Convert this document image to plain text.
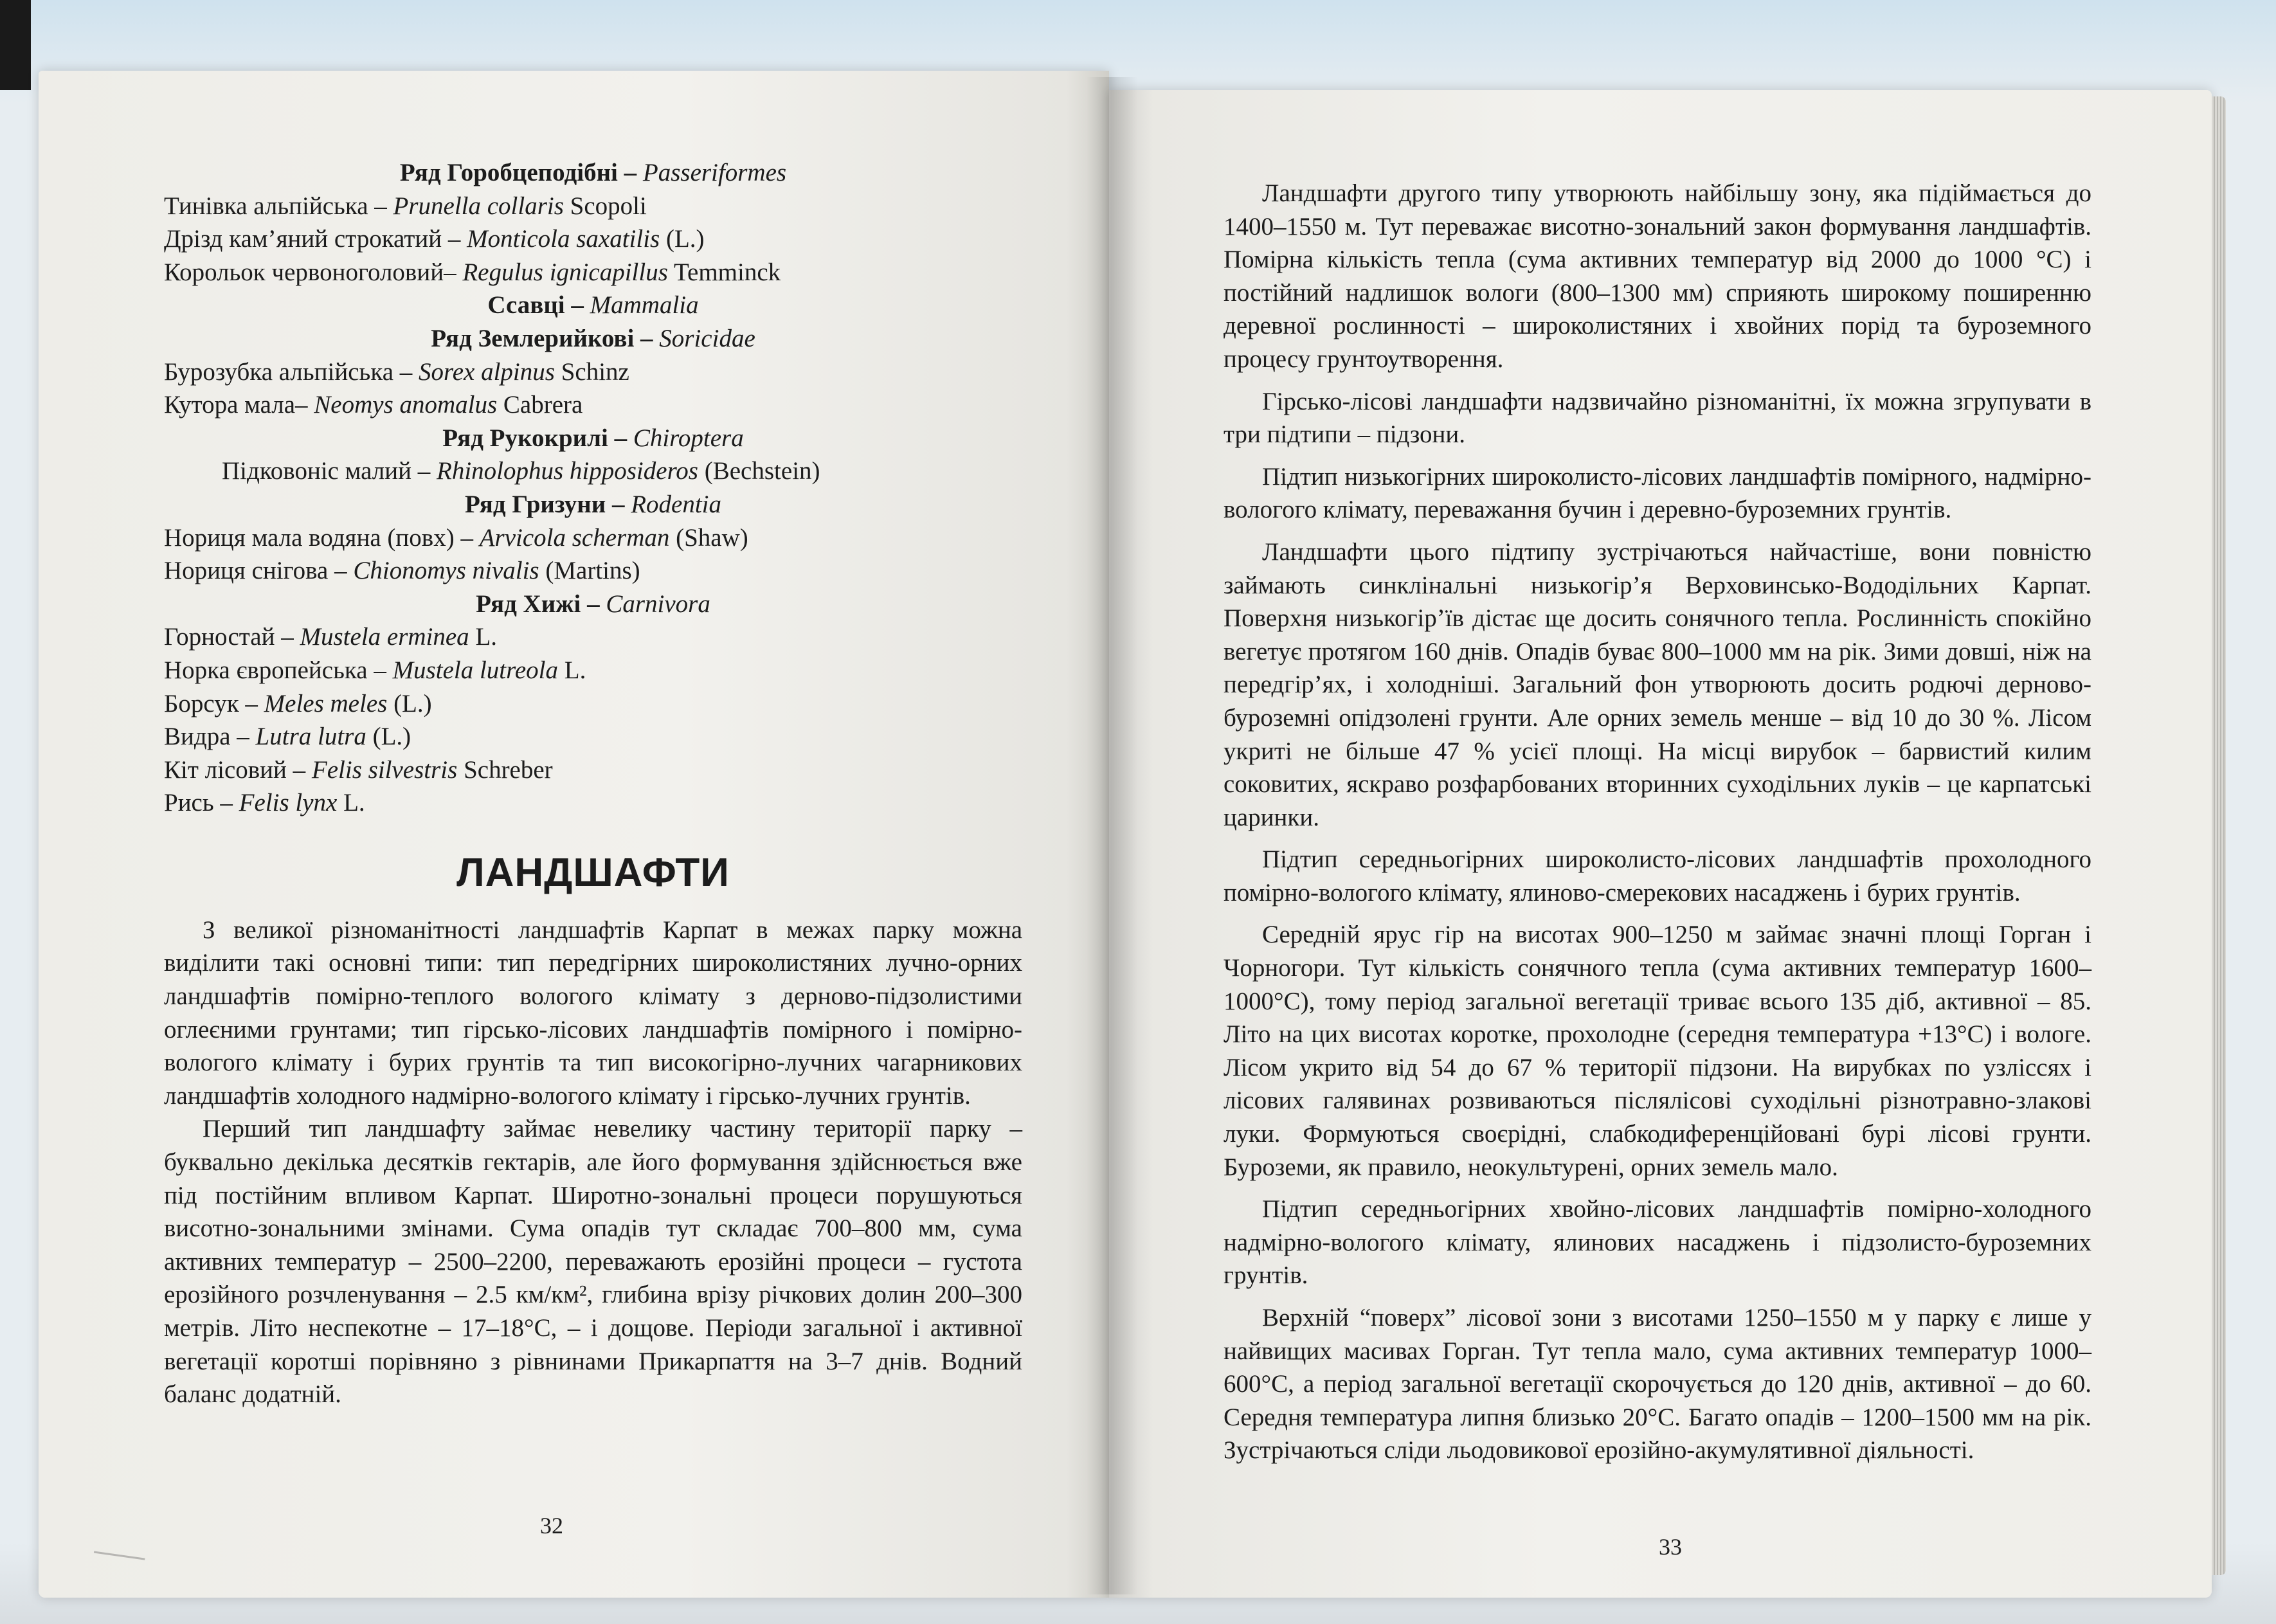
Ряд Горобцеподібні – Passeriformes
Тинівка альпійська – Prunella collaris Scopoli
Дрізд кам’яний строкатий – Monticola saxatilis (L.)
Корольок червоноголовий– Regulus ignicapillus Temminck
Ссавці – Mammalia
Ряд Землерийкові – Soricidae
Бурозубка альпійська – Sorex alpinus Schinz
Кутора мала– Neomys anomalus Cabrera
Ряд Рукокрилі – Chiroptera
Підковоніс малий – Rhinolophus hipposideros (Bechstein)
Ряд Гризуни – Rodentia
Нориця мала водяна (повх) – Arvicola scherman (Shaw)
Нориця снігова – Chionomys nivalis (Martins)
Ряд Хижі – Carnivora
Горностай – Mustela erminea L.
Норка європейська – Mustela lutreola L.
Борсук – Meles meles (L.)
Видра – Lutra lutra (L.)
Кіт лісовий – Felis silvestris Schreber
Рись – Felis lynx L.
ЛАНДШАФТИ

З великої різноманітності ландшафтів Карпат в межах парку можна виділити такі основні типи: тип передгірних широколистяних лучно-орних ландшафтів помірно-теплого вологого клімату з дерново-підзолистими оглеєними грунтами; тип гірсько-лісових ландшафтів помірного і помірно-вологого клімату і бурих грунтів та тип високогірно-лучних чагарникових ландшафтів холодного надмірно-вологого клімату і гірсько-лучних грунтів.

Перший тип ландшафту займає невелику частину території парку – буквально декілька десятків гектарів, але його формування здійснюється вже під постійним впливом Карпат. Широтно-зональні процеси порушуються висотно-зональними змінами. Сума опадів тут складає 700–800 мм, сума активних температур – 2500–2200, переважають ерозійні процеси – густота ерозійного розчленування – 2.5 км/км², глибина врізу річкових долин 200–300 метрів. Літо неспекотне – 17–18°С, – і дощове. Періоди загальної і активної вегетації коротші порівняно з рівнинами Прикарпаття на 3–7 днів. Водний баланс додатній.

32

Ландшафти другого типу утворюють найбільшу зону, яка підіймається до 1400–1550 м. Тут переважає висотно-зональний закон формування ландшафтів. Помірна кількість тепла (сума активних температур від 2000 до 1000 °С) і постійний надлишок вологи (800–1300 мм) сприяють широкому поширенню деревної рослинності – широколистяних і хвойних порід та буроземного процесу грунтоутворення.

Гірсько-лісові ландшафти надзвичайно різноманітні, їх можна згрупувати в три підтипи – підзони.

Підтип низькогірних широколисто-лісових ландшафтів помірного, надмірно-вологого клімату, переважання бучин і деревно-буроземних грунтів.

Ландшафти цього підтипу зустрічаються найчастіше, вони повністю займають синклінальні низькогір’я Верховинсько-Вододільних Карпат. Поверхня низькогір’їв дістає ще досить сонячного тепла. Рослинність спокійно вегетує протягом 160 днів. Опадів буває 800–1000 мм на рік. Зими довші, ніж на передгір’ях, і холодніші. Загальний фон утворюють досить родючі дерново-буроземні опідзолені грунти. Але орних земель менше – від 10 до 30 %. Лісом укриті не більше 47 % усієї площі. На місці вирубок – барвистий килим соковитих, яскраво розфарбованих вторинних суходільних луків – це карпатські царинки.

Підтип середньогірних широколисто-лісових ландшафтів прохолодного помірно-вологого клімату, ялиново-смерекових насаджень і бурих грунтів.

Середній ярус гір на висотах 900–1250 м займає значні площі Горган і Чорногори. Тут кількість сонячного тепла (сума активних температур 1600–1000°С), тому період загальної вегетації триває всього 135 діб, активної – 85. Літо на цих висотах коротке, прохолодне (середня температура +13°С) і вологе. Лісом укрито від 54 до 67 % території підзони. На вирубках по узліссях і лісових галявинах розвиваються післялісові суходільні різнотравно-злакові луки. Формуються своєрідні, слабкодиференційовані бурі лісові грунти. Буроземи, як правило, неокультурені, орних земель мало.

Підтип середньогірних хвойно-лісових ландшафтів помірно-холодного надмірно-вологого клімату, ялинових насаджень і підзолисто-буроземних грунтів.

Верхній “поверх” лісової зони з висотами 1250–1550 м у парку є лише у найвищих масивах Горган. Тут тепла мало, сума активних температур 1000–600°С, а період загальної вегетації скорочується до 120 днів, активної – до 60. Середня температура липня близько 20°С. Багато опадів – 1200–1500 мм на рік. Зустрічаються сліди льодовикової ерозійно-акумулятивної діяльності.

33
